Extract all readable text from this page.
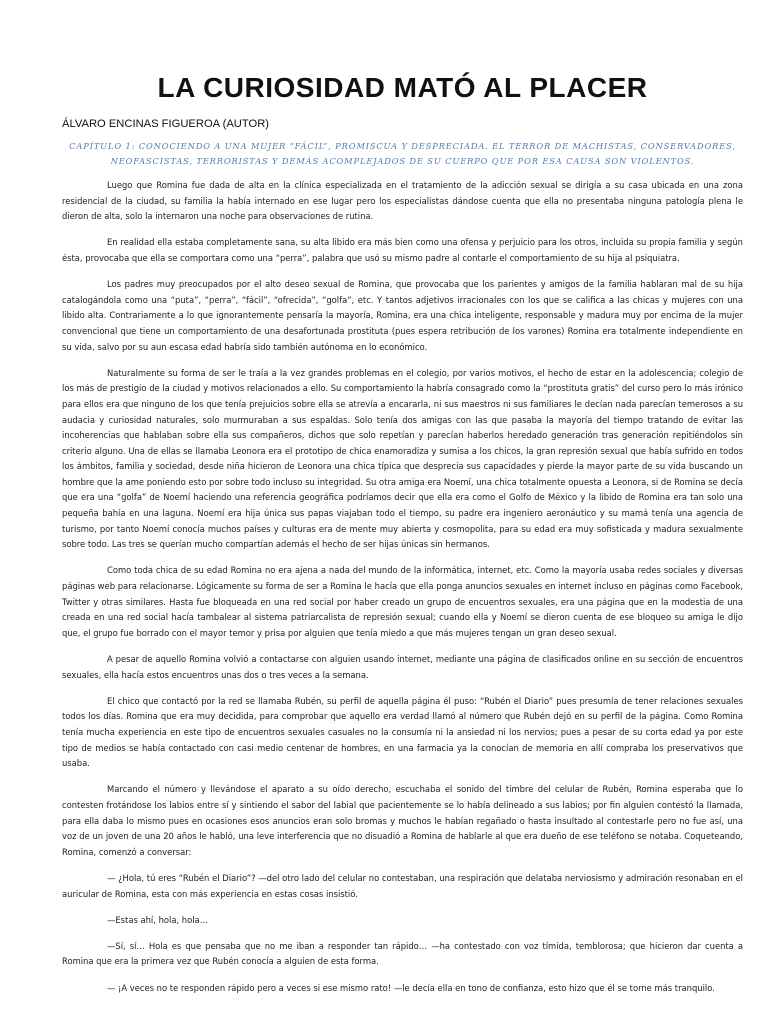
LA CURIOSIDAD MATÓ AL PLACER
ÁLVARO ENCINAS FIGUEROA (AUTOR)
CAPÍTULO 1: CONOCIENDO A UNA MUJER “FÁCIL”, PROMISCUA Y DESPRECIADA. EL TERROR DE MACHISTAS, CONSERVADORES, NEOFASCISTAS, TERRORISTAS Y DEMÁS ACOMPLEJADOS DE SU CUERPO QUE POR ESA CAUSA SON VIOLENTOS.

Luego que Romina fue dada de alta en la clínica especializada en el tratamiento de la adicción sexual se dirigía a su casa ubicada en una zona residencial de la ciudad, su familia la había internado en ese lugar pero los especialistas dándose cuenta que ella no presentaba ninguna patología plena le dieron de alta, solo la internaron una noche para observaciones de rutina.

En realidad ella estaba completamente sana, su alta libido era más bien como una ofensa y perjuicio para los otros, incluida su propia familia y según ésta, provocaba que ella se comportara como una “perra”, palabra que usó su mismo padre al contarle el comportamiento de su hija al psiquiatra.

Los padres muy preocupados por el alto deseo sexual de Romina, que provocaba que los parientes y amigos de la familia hablaran mal de su hija catalogándola como una “puta”, “perra”, “fácil”, “ofrecida”, “golfa”, etc. Y tantos adjetivos irracionales con los que se califica a las chicas y mujeres con una libido alta. Contrariamente a lo que ignorantemente pensaría la mayoría, Romina, era una chica inteligente, responsable y madura muy por encima de la mujer convencional que tiene un comportamiento de una desafortunada prostituta (pues espera retribución de los varones) Romina era totalmente independiente en su vida, salvo por su aun escasa edad habría sido también autónoma en lo económico.

Naturalmente su forma de ser le traía a la vez grandes problemas en el colegio, por varios motivos, el hecho de estar en la adolescencia; colegio de los más de prestigio de la ciudad y motivos relacionados a ello. Su comportamiento la habría consagrado como la “prostituta gratis” del curso pero lo más irónico para ellos era que ninguno de los que tenía prejuicios sobre ella se atrevía a encararla, ni sus maestros ni sus familiares le decían nada parecían temerosos a su audacia y curiosidad naturales, solo murmuraban a sus espaldas. Solo tenía dos amigas con las que pasaba la mayoría del tiempo tratando de evitar las incoherencias que hablaban sobre ella sus compañeros, dichos que solo repetían y parecían haberlos heredado generación tras generación repitiéndolos sin criterio alguno. Una de ellas se llamaba Leonora era el prototipo de chica enamoradiza y sumisa a los chicos, la gran represión sexual que había sufrido en todos los ámbitos, familia y sociedad, desde niña hicieron de Leonora una chica típica que desprecia sus capacidades y pierde la mayor parte de su vida buscando un hombre que la ame poniendo esto por sobre todo incluso su integridad. Su otra amiga era Noemí, una chica totalmente opuesta a Leonora, si de Romina se decía que era una “golfa” de Noemí haciendo una referencia geográfica podríamos decir que ella era como el Golfo de México y la libido de Romina era tan solo una pequeña bahía en una laguna. Noemí era hija única sus papas viajaban todo el tiempo, su padre era ingeniero aeronáutico y su mamá tenía una agencia de turismo, por tanto Noemí conocía muchos países y culturas era de mente muy abierta y cosmopolita, para su edad era muy sofisticada y madura sexualmente sobre todo. Las tres se querían mucho compartían además el hecho de ser hijas únicas sin hermanos.

Como toda chica de su edad Romina no era ajena a nada del mundo de la informática, internet, etc. Como la mayoría usaba redes sociales y diversas páginas web para relacionarse. Lógicamente su forma de ser a Romina le hacía que ella ponga anuncios sexuales en internet incluso en páginas como Facebook, Twitter y otras similares. Hasta fue bloqueada en una red social por haber creado un grupo de encuentros sexuales, era una página que en la modestia de una creada en una red social hacía tambalear al sistema patriarcalista de represión sexual; cuando ella y Noemí se dieron cuenta de ese bloqueo su amiga le dijo que, el grupo fue borrado con el mayor temor y prisa por alguien que tenía miedo a que más mujeres tengan un gran deseo sexual.

A pesar de aquello Romina volvió a contactarse con alguien usando internet, mediante una página de clasificados online en su sección de encuentros sexuales, ella hacía estos encuentros unas dos o tres veces a la semana.

El chico que contactó por la red se llamaba Rubén, su perfil de aquella página él puso: “Rubén el Diario” pues presumía de tener relaciones sexuales todos los días. Romina que era muy decidida, para comprobar que aquello era verdad llamó al número que Rubén dejó en su perfil de la página. Como Romina tenía mucha experiencia en este tipo de encuentros sexuales casuales no la consumía ni la ansiedad ni los nervios; pues a pesar de su corta edad ya por este tipo de medios se había contactado con casi medio centenar de hombres, en una farmacia ya la conocían de memoria en allí compraba los preservativos que usaba.

Marcando el número y llevándose el aparato a su oído derecho, escuchaba el sonido del timbre del celular de Rubén, Romina esperaba que lo contesten frotándose los labios entre sí y sintiendo el sabor del labial que pacientemente se lo había delineado a sus labios; por fin alguien contestó la llamada, para ella daba lo mismo pues en ocasiones esos anuncios eran solo bromas y muchos le habían regañado o hasta insultado al contestarle pero no fue así, una voz de un joven de una 20 años le habló, una leve interferencia que no disuadió a Romina de hablarle al que era dueño de ese teléfono se notaba. Coqueteando, Romina, comenzó a conversar:

— ¿Hola, tú eres “Rubén el Diario”? —del otro lado del celular no contestaban, una respiración que delataba nerviosismo y admiración resonaban en el auricular de Romina, esta con más experiencia en estas cosas insistió.

—Estas ahí, hola, hola…

—Sí, sí… Hola es que pensaba que no me iban a responder tan rápido… —ha contestado con voz tímida, temblorosa; que hicieron dar cuenta a Romina que era la primera vez que Rubén conocía a alguien de esta forma.

— ¡A veces no te responden rápido pero a veces si ese mismo rato! —le decía ella en tono de confianza, esto hizo que él se torne más tranquilo.
